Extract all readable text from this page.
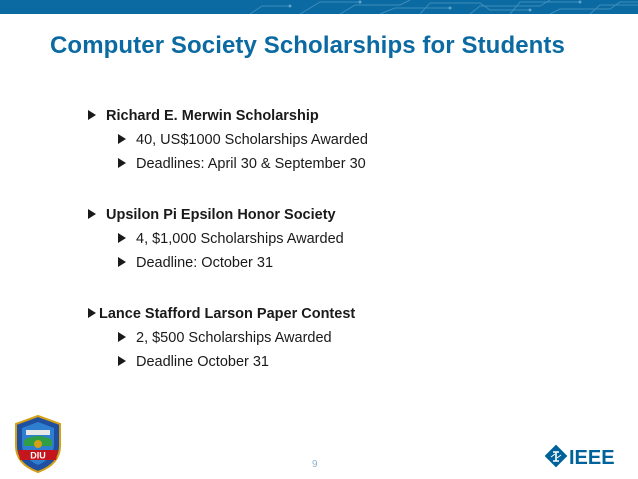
Computer Society Scholarships for Students
Richard E. Merwin Scholarship
40, US$1000 Scholarships Awarded
Deadlines: April 30 & September 30
Upsilon Pi Epsilon Honor Society
4, $1,000 Scholarships Awarded
Deadline: October 31
Lance Stafford Larson Paper Contest
2, $500 Scholarships Awarded
Deadline October 31
DIU
9	IEEE
